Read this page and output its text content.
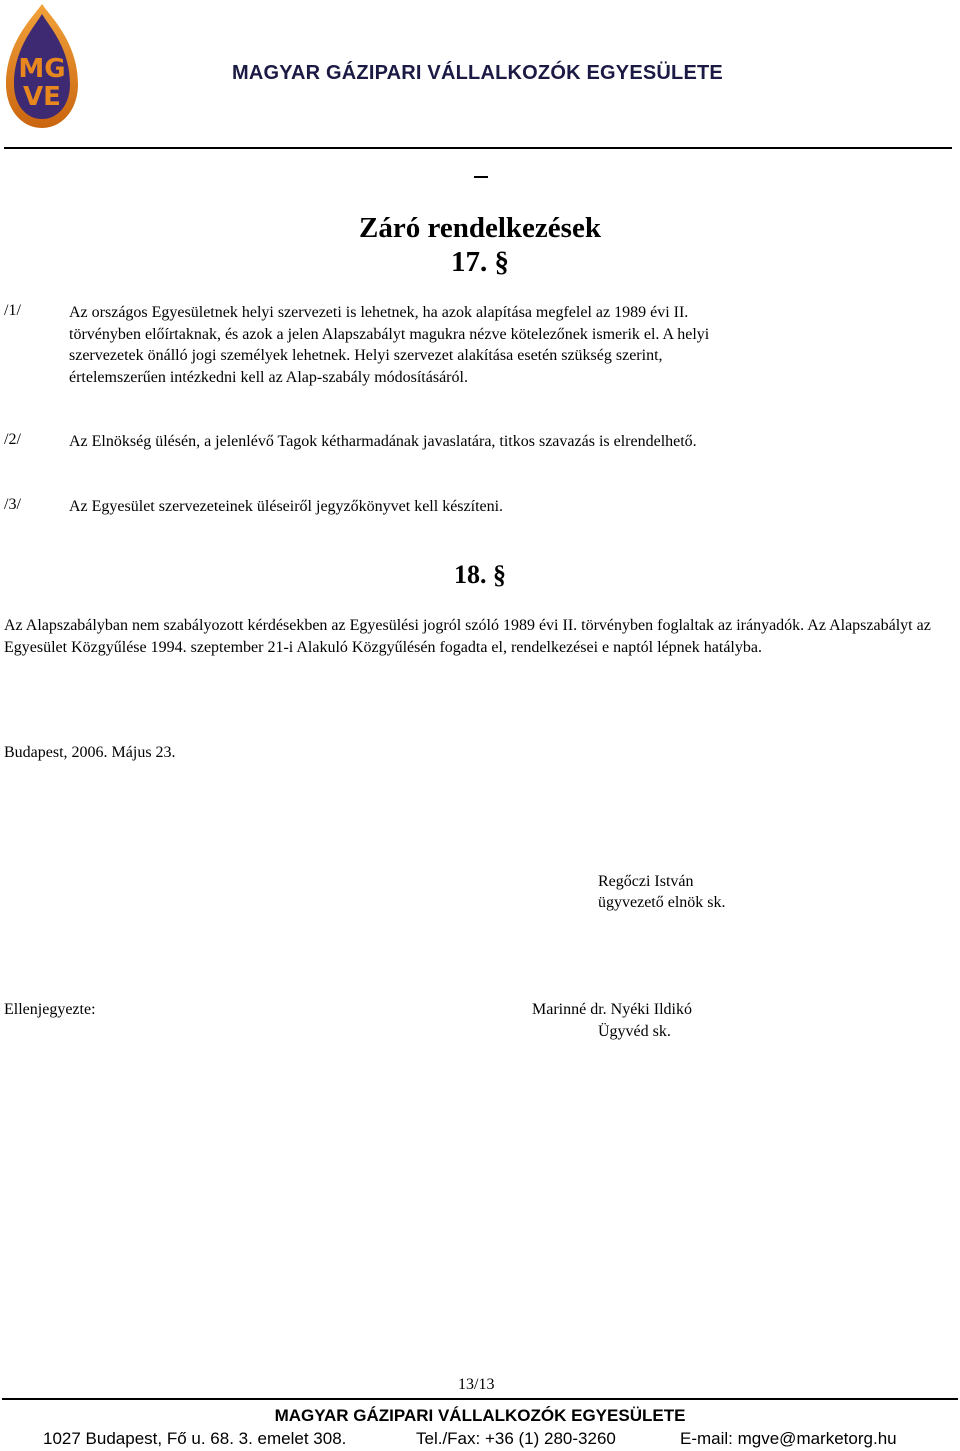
MG
VE
MAGYAR GÁZIPARI VÁLLALKOZÓK EGYESÜLETE
Záró rendelkezések
17. §
/1/	Az országos Egyesületnek helyi szervezeti is lehetnek, ha azok alapítása megfelel az 1989 évi II. törvényben előírtaknak, és azok a jelen Alapszabályt magukra nézve kötelezőnek ismerik el. A helyi szervezetek önálló jogi személyek lehetnek. Helyi szervezet alakítása esetén szükség szerint, értelemszerűen intézkedni kell az Alap-szabály módosításáról.
/2/	Az Elnökség ülésén, a jelenlévő Tagok kétharmadának javaslatára, titkos szavazás is elrendelhető.
/3/	Az Egyesület szervezeteinek üléseiről jegyzőkönyvet kell készíteni.
18. §
Az Alapszabályban nem szabályozott kérdésekben az Egyesülési jogról szóló 1989 évi II. törvényben foglaltak az irányadók. Az Alapszabályt az Egyesület Közgyűlése 1994. szeptember 21-i Alakuló Közgyűlésén fogadta el, rendelkezései e naptól lépnek hatályba.
Budapest, 2006. Május 23.
Regőczi István
ügyvezető elnök sk.
Ellenjegyezte:	Marinné dr. Nyéki Ildikó
Ügyvéd sk.
13/13
MAGYAR GÁZIPARI VÁLLALKOZÓK EGYESÜLETE
1027 Budapest, Fő u. 68. 3. emelet 308.	Tel./Fax: +36 (1) 280-3260	E-mail: mgve@marketorg.hu
